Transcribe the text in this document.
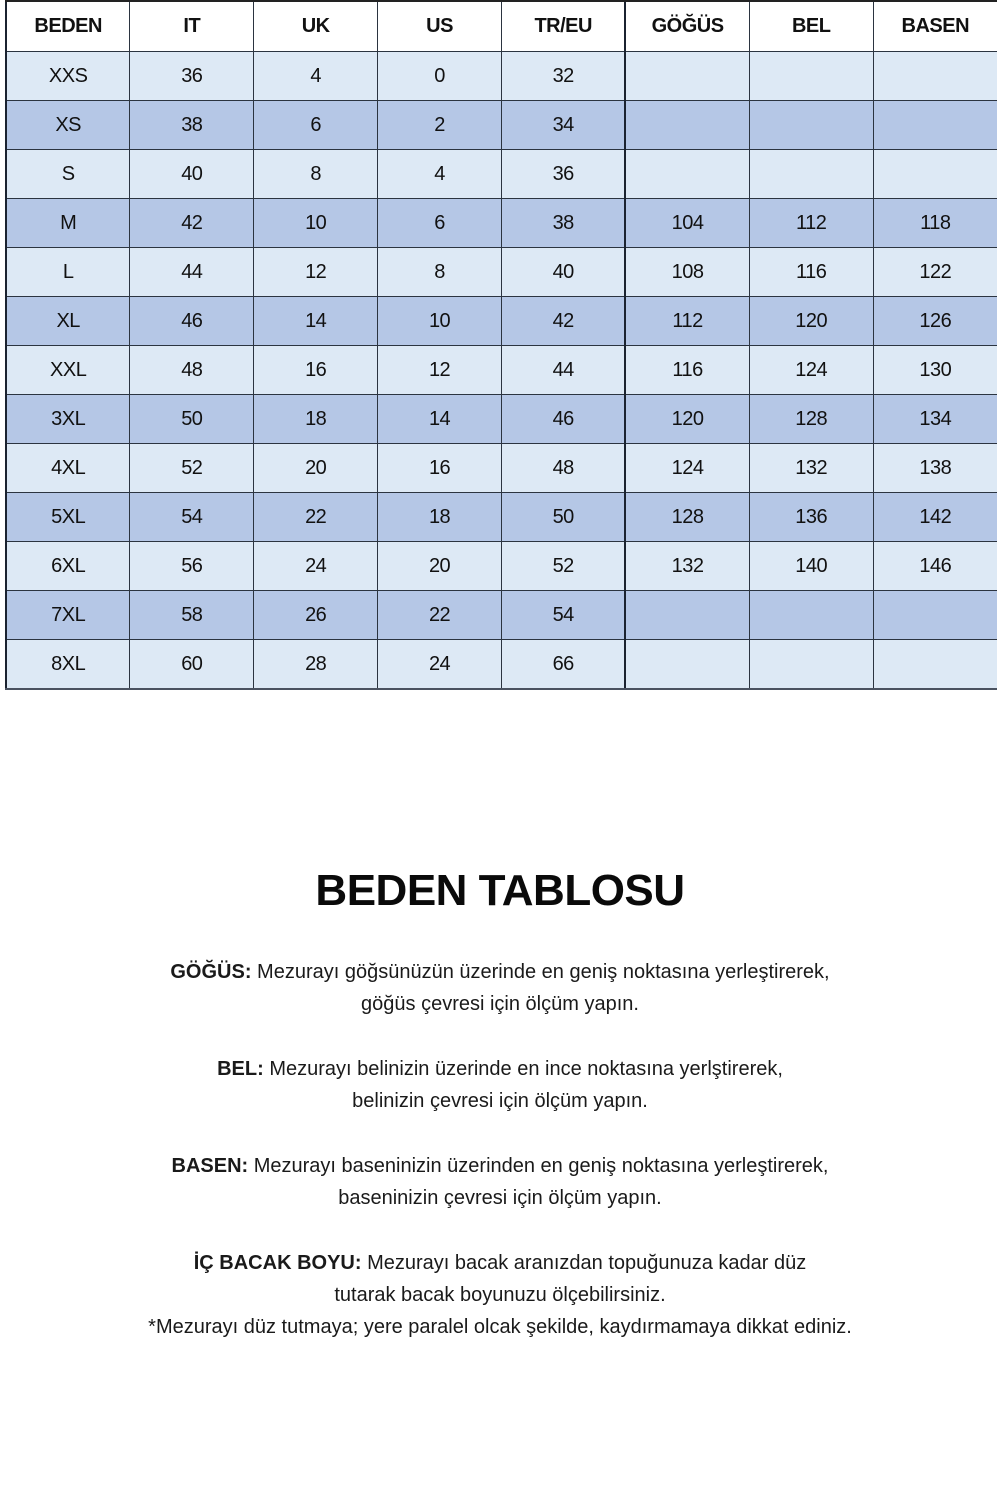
BEDEN	IT	UK	US	TR/EU	GÖĞÜS	BEL	BASEN
XXS	36	4	0	32			
XS	38	6	2	34			
S	40	8	4	36			
M	42	10	6	38	104	112	118
L	44	12	8	40	108	116	122
XL	46	14	10	42	112	120	126
XXL	48	16	12	44	116	124	130
3XL	50	18	14	46	120	128	134
4XL	52	20	16	48	124	132	138
5XL	54	22	18	50	128	136	142
6XL	56	24	20	52	132	140	146
7XL	58	26	22	54			
8XL	60	28	24	66			
BEDEN TABLOSU
GÖĞÜS: Mezurayı göğsünüzün üzerinde en geniş noktasına yerleştirerek,
göğüs çevresi için ölçüm yapın.
BEL: Mezurayı belinizin üzerinde en ince noktasına yerlştirerek,
belinizin çevresi için ölçüm yapın.
BASEN: Mezurayı baseninizin üzerinden en geniş noktasına yerleştirerek,
baseninizin çevresi için ölçüm yapın.
İÇ BACAK BOYU: Mezurayı bacak aranızdan topuğunuza kadar düz
tutarak bacak boyunuzu ölçebilirsiniz.
*Mezurayı düz tutmaya; yere paralel olcak şekilde, kaydırmamaya dikkat ediniz.
